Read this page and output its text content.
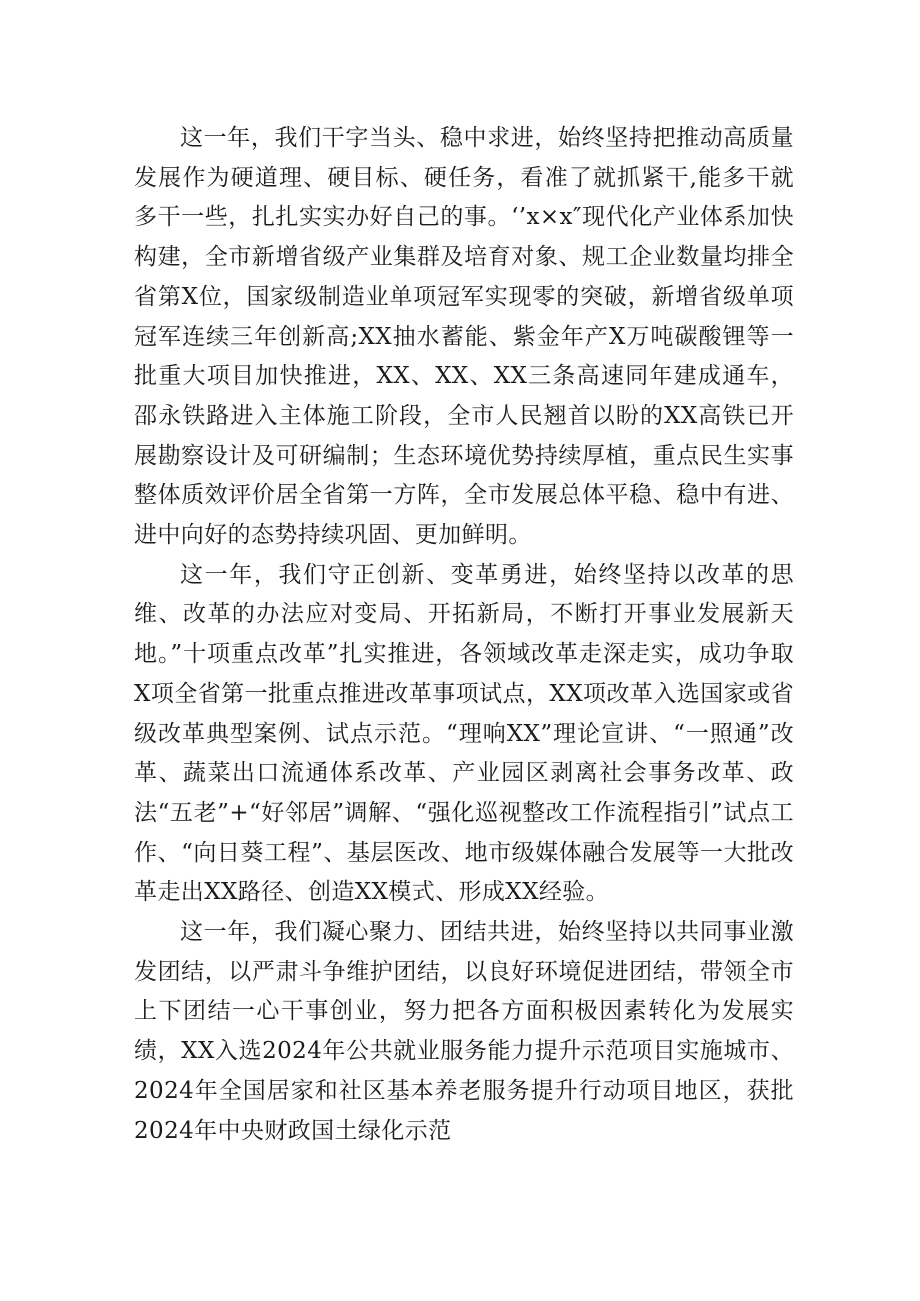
这一年，我们干字当头、稳中求进，始终坚持把推动高质量发展作为硬道理、硬目标、硬任务，看准了就抓紧干,能多干就多干一些，扎扎实实办好自己的事。‘’x×x″现代化产业体系加快构建，全市新增省级产业集群及培育对象、规工企业数量均排全省第X位，国家级制造业单项冠军实现零的突破，新增省级单项冠军连续三年创新高;XX抽水蓄能、紫金年产X万吨碳酸锂等一批重大项目加快推进，XX、XX、XX三条高速同年建成通车，邵永铁路进入主体施工阶段，全市人民翘首以盼的XX高铁已开展勘察设计及可研编制；生态环境优势持续厚植，重点民生实事整体质效评价居全省第一方阵，全市发展总体平稳、稳中有进、进中向好的态势持续巩固、更加鲜明。

这一年，我们守正创新、变革勇进，始终坚持以改革的思维、改革的办法应对变局、开拓新局，不断打开事业发展新天地。”十项重点改革”扎实推进，各领域改革走深走实，成功争取X项全省第一批重点推进改革事项试点，XX项改革入选国家或省级改革典型案例、试点示范。“理响XX”理论宣讲、“一照通”改革、蔬菜出口流通体系改革、产业园区剥离社会事务改革、政法“五老”+“好邻居”调解、“强化巡视整改工作流程指引”试点工作、“向日葵工程”、基层医改、地市级媒体融合发展等一大批改革走出XX路径、创造XX模式、形成XX经验。

这一年，我们凝心聚力、团结共进，始终坚持以共同事业激发团结，以严肃斗争维护团结，以良好环境促进团结，带领全市上下团结一心干事创业，努力把各方面积极因素转化为发展实绩，XX入选2024年公共就业服务能力提升示范项目实施城市、2024年全国居家和社区基本养老服务提升行动项目地区，获批2024年中央财政国土绿化示范
